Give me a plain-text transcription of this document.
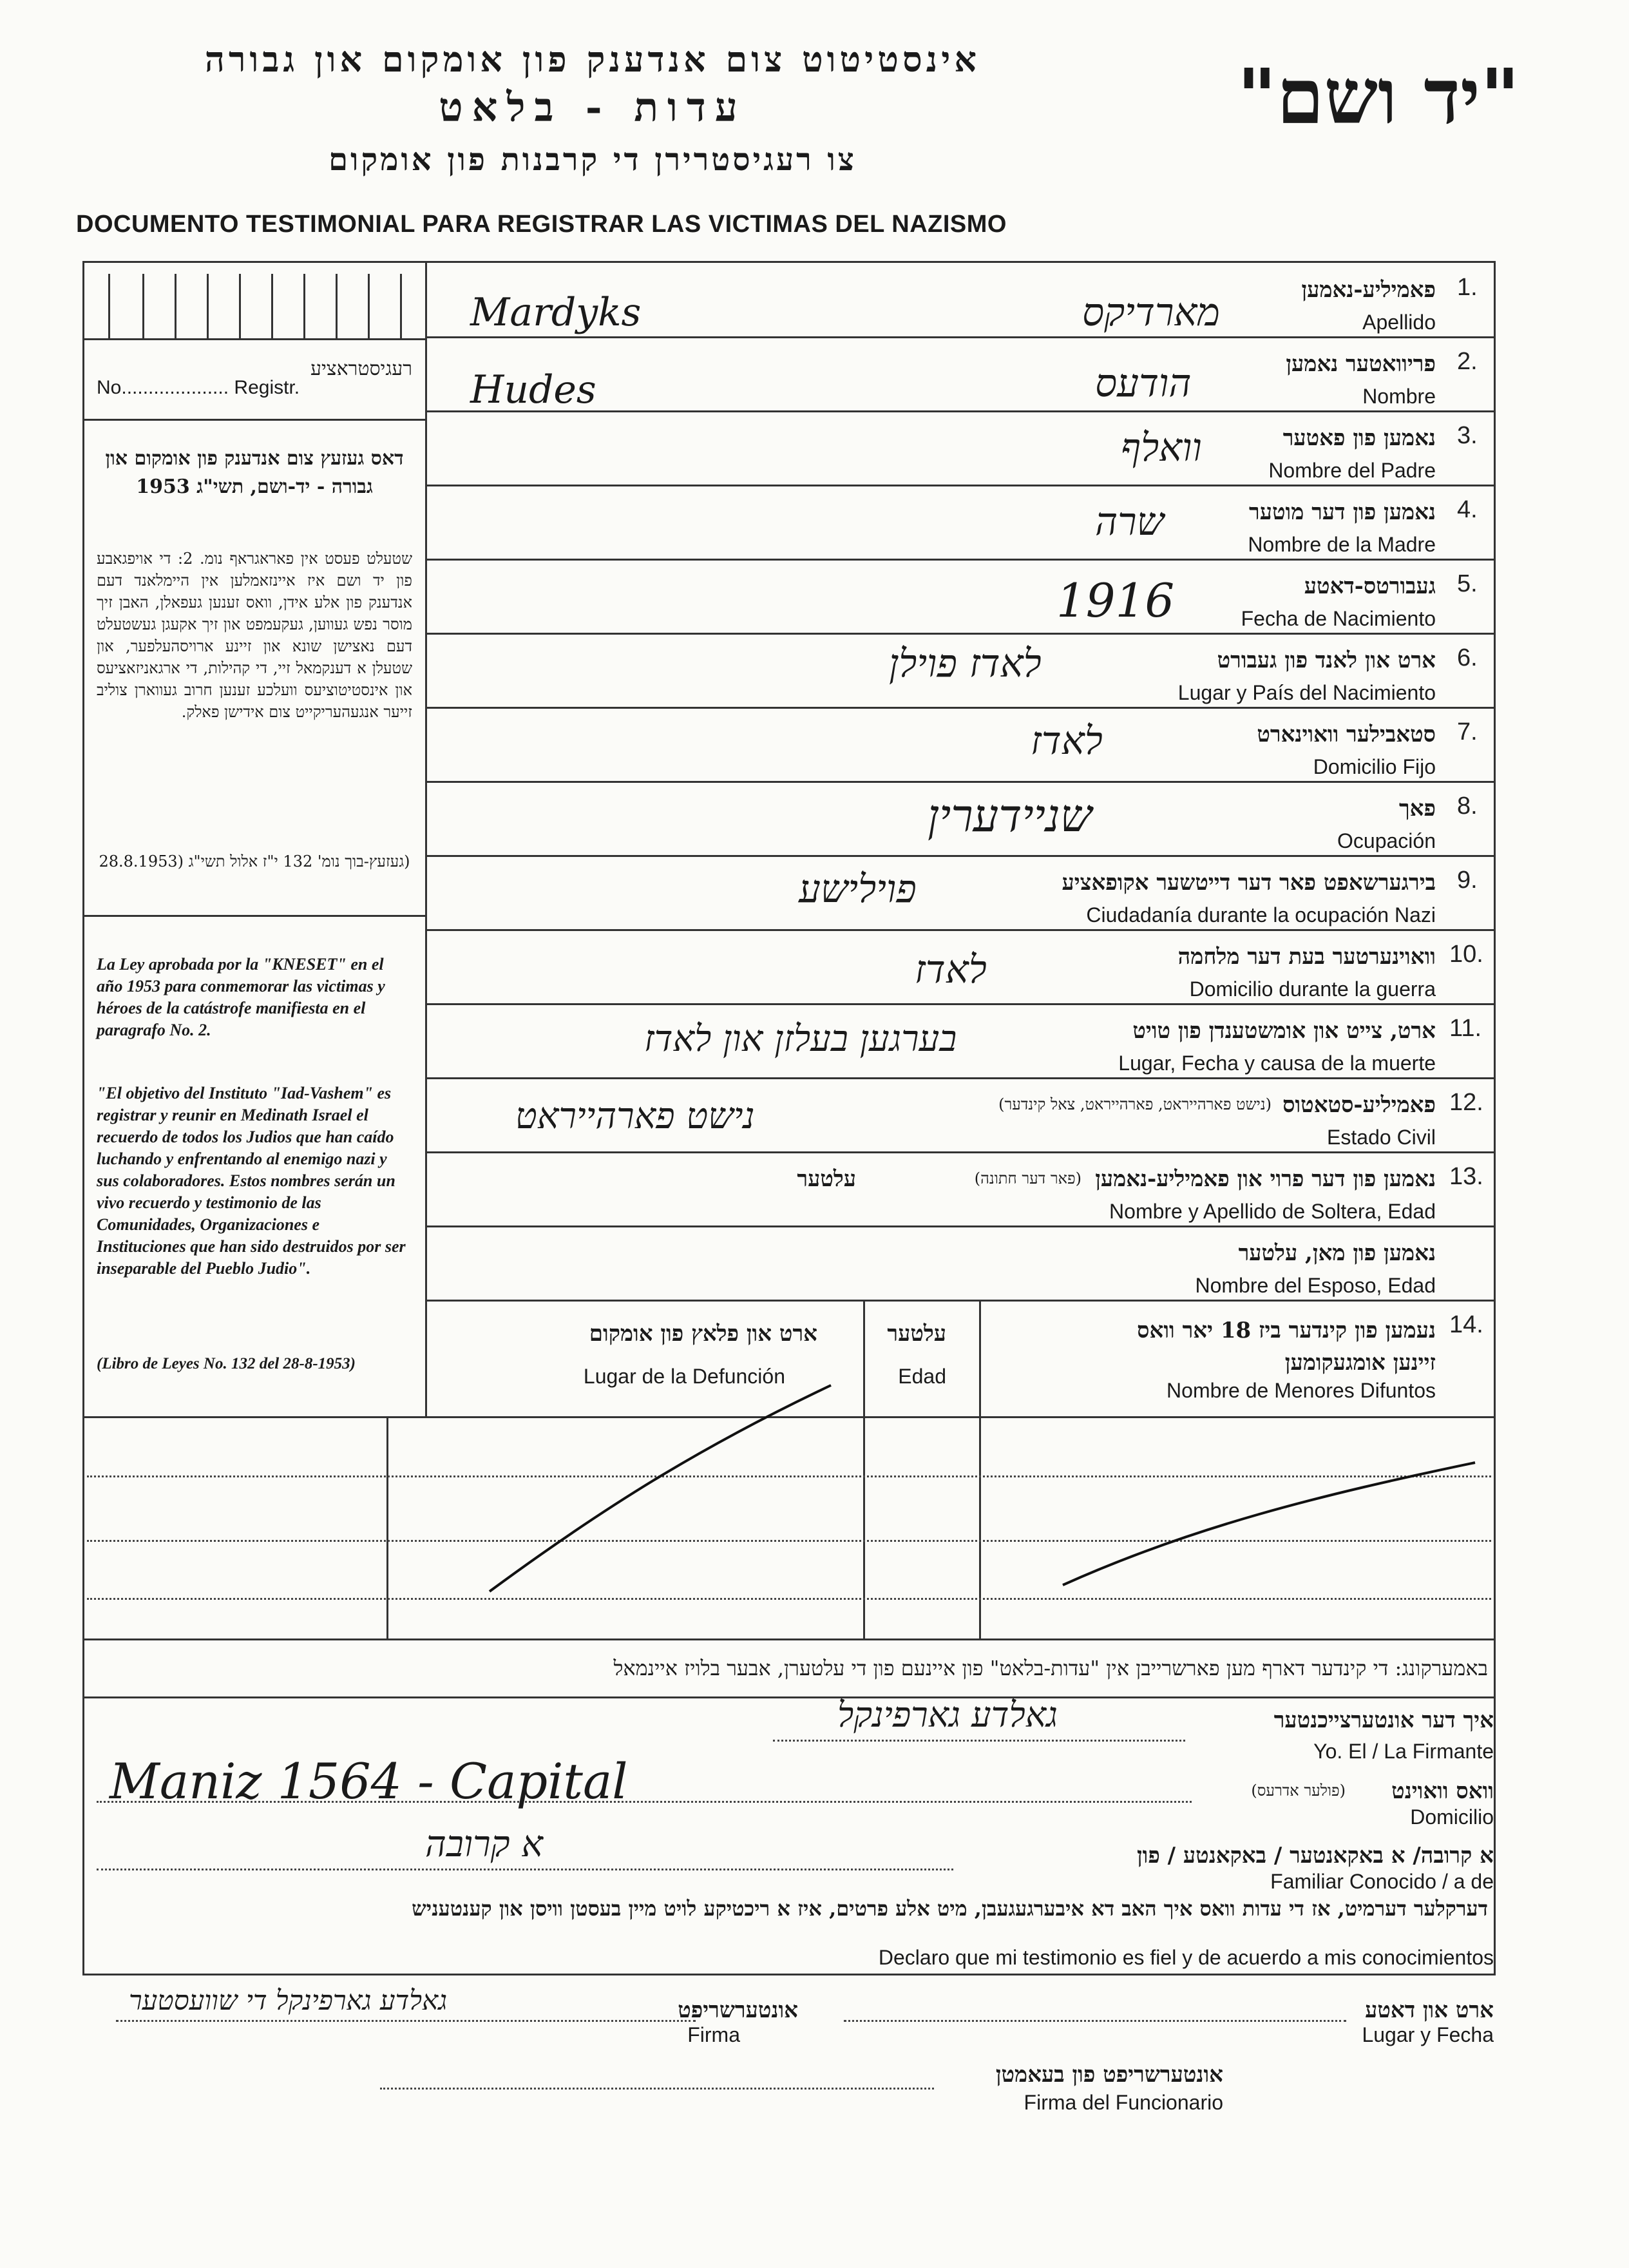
אינסטיטוט צום אנדענק פון אומקום און גבורה
עדות - בלאט
צו רעגיסטרירן די קרבנות פון אומקום
"יד ושם"
DOCUMENTO TESTIMONIAL PARA REGISTRAR LAS VICTIMAS DEL NAZISMO
רעגיסטראציע
No.................... Registr.
דאס געזעץ צום אנדענק פון אומקום און גבורה - יד-ושם, תשי"ג 1953
שטעלט פעסט אין פאראגראף נומ. 2: די אויפגאבע פון יד ושם איז איינזאמלען אין היימלאנד דעם אנדענק פון אלע אידן, וואס זענען געפאלן, האבן זיך מוסר נפש געווען, געקעמפט און זיך אקעגן געשטעלט דעם נאצישן שונא און זיינע ארויסהעלפער, און שטעלן א דענקמאל זיי, די קהילות, די ארגאניזאציעס און אינסטיטוציעס וועלכע זענען חרוב געווארן צוליב זייער אנגעהעריקייט צום אידישן פאלק.
(געזעץ-בוך נומ' 132 י"ז אלול תשי"ג (28.8.1953
La Ley aprobada por la "KNESET" en el año 1953 para conmemorar las victimas y héroes de la catástrofe manifiesta en el paragrafo No. 2.
"El objetivo del Instituto "Iad-Vashem" es registrar y reunir en Medinath Israel el recuerdo de todos los Judios que han caído luchando y enfrentando al enemigo nazi y sus colaboradores. Estos nombres serán un vivo recuerdo y testimonio de las Comunidades, Organizaciones e Instituciones que han sido destruidos por ser inseparable del Pueblo Judio".
(Libro de Leyes No. 132 del 28-8-1953)
1.
פאמיליע-נאמען
Apellido
Mardyks	מארדיקס
2.
פריוואטער נאמען
Nombre
Hudes	הודעס
3.
נאמען פון פאטער
Nombre del Padre
וואלף
4.
נאמען פון דער מוטער
Nombre de la Madre
שרה
5.
געבורטס-דאטע
Fecha de Nacimiento
1916
6.
ארט און לאנד פון געבורט
Lugar y País del Nacimiento
לאדז פוילן
7.
סטאבילער וואוינארט
Domicilio Fijo
לאדז
8.
פאך
Ocupación
שניידערין
9.
בירגערשאפט פאר דער דייטשער אקופאציע
Ciudadanía durante la ocupación Nazi
פוילישע
10.
וואוינערטער בעת דער מלחמה
Domicilio durante la guerra
לאדז
11.
ארט, צייט און אומשטענדן פון טויט
Lugar, Fecha y causa de la muerte
בערגען בעלזן און לאדז
12.
פאמיליע-סטאטוס
(נישט פארהייראט, פארהייראט, צאל קינדער)
Estado Civil
נישט פארהייראט
13.
נאמען פון דער פרוי און פאמיליע-נאמען
(פאר דער חתונה)
עלטער
Nombre y Apellido de Soltera, Edad
נאמען פון מאן, עלטער
Nombre del Esposo, Edad
14.
נעמען פון קינדער ביז 18 יאר וואס זיינען אומגעקומען
Nombre de Menores Difuntos
עלטער
Edad
ארט און פלאץ פון אומקום
Lugar de la Defunción
באמערקונג: די קינדער דארף מען פארשרייבן אין "עדות-בלאט" פון איינעם פון די עלטערן, אבער בלויז איינמאל
איך דער אונטערצייכנטער
Yo. El / La Firmante
גאלדע גארפינקל
וואס וואוינט
(פולער אדרעס)
Domicilio
Maniz 1564 - Capital
א קרובה/ א באקאנטער / באקאנטע / פון
Familiar Conocido / a de
א קרובה
דערקלער דערמיט, אז די עדות וואס איך האב דא איבערגעגעבן, מיט אלע פרטים, איז א ריכטיקע לויט מיין בעסטן וויסן און קענטעניש
Declaro que mi testimonio es fiel y de acuerdo a mis conocimientos
ארט און דאטע
Lugar y Fecha
אונטערשריפט
Firma
גאלדע גארפינקל די שוועסטער
אונטערשריפט פון בעאמטן
Firma del Funcionario
